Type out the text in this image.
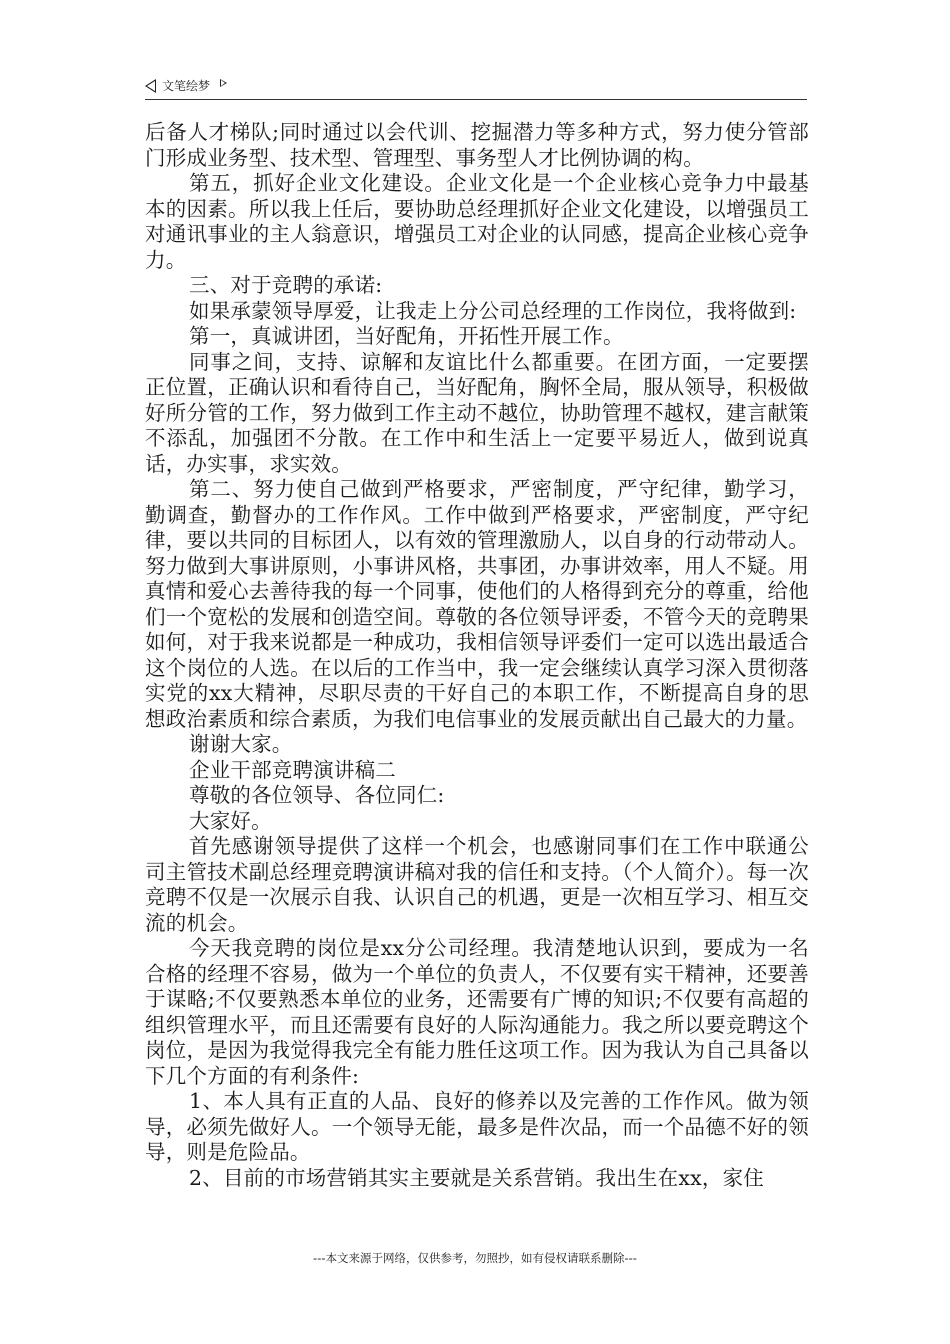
文笔绘梦

后备人才梯队;同时通过以会代训、挖掘潜力等多种方式，努力使分管部门形成业务型、技术型、管理型、事务型人才比例协调的构。

第五，抓好企业文化建设。企业文化是一个企业核心竞争力中最基本的因素。所以我上任后，要协助总经理抓好企业文化建设，以增强员工对通讯事业的主人翁意识，增强员工对企业的认同感，提高企业核心竞争力。

三、对于竞聘的承诺:

如果承蒙领导厚爱，让我走上分公司总经理的工作岗位，我将做到:

第一，真诚讲团，当好配角，开拓性开展工作。

同事之间，支持、谅解和友谊比什么都重要。在团方面，一定要摆正位置，正确认识和看待自己，当好配角，胸怀全局，服从领导，积极做好所分管的工作，努力做到工作主动不越位，协助管理不越权，建言献策不添乱，加强团不分散。在工作中和生活上一定要平易近人，做到说真话，办实事，求实效。

第二、努力使自己做到严格要求，严密制度，严守纪律，勤学习，勤调查，勤督办的工作作风。工作中做到严格要求，严密制度，严守纪律，要以共同的目标团人，以有效的管理激励人，以自身的行动带动人。努力做到大事讲原则，小事讲风格，共事团，办事讲效率，用人不疑。用真情和爱心去善待我的每一个同事，使他们的人格得到充分的尊重，给他们一个宽松的发展和创造空间。尊敬的各位领导评委，不管今天的竞聘果如何，对于我来说都是一种成功，我相信领导评委们一定可以选出最适合这个岗位的人选。在以后的工作当中，我一定会继续认真学习深入贯彻落实党的xx大精神，尽职尽责的干好自己的本职工作，不断提高自身的思想政治素质和综合素质，为我们电信事业的发展贡献出自己最大的力量。

谢谢大家。

企业干部竞聘演讲稿二

尊敬的各位领导、各位同仁:

大家好。

首先感谢领导提供了这样一个机会，也感谢同事们在工作中联通公司主管技术副总经理竞聘演讲稿对我的信任和支持。（个人简介）。每一次竞聘不仅是一次展示自我、认识自己的机遇，更是一次相互学习、相互交流的机会。

今天我竞聘的岗位是xx分公司经理。我清楚地认识到，要成为一名合格的经理不容易，做为一个单位的负责人，不仅要有实干精神，还要善于谋略;不仅要熟悉本单位的业务，还需要有广博的知识;不仅要有高超的组织管理水平，而且还需要有良好的人际沟通能力。我之所以要竞聘这个岗位，是因为我觉得我完全有能力胜任这项工作。因为我认为自己具备以下几个方面的有利条件:

1、本人具有正直的人品、良好的修养以及完善的工作作风。做为领导，必须先做好人。一个领导无能，最多是件次品，而一个品德不好的领导，则是危险品。

2、目前的市场营销其实主要就是关系营销。我出生在xx，家住

---本文来源于网络，仅供参考，勿照抄，如有侵权请联系删除---
